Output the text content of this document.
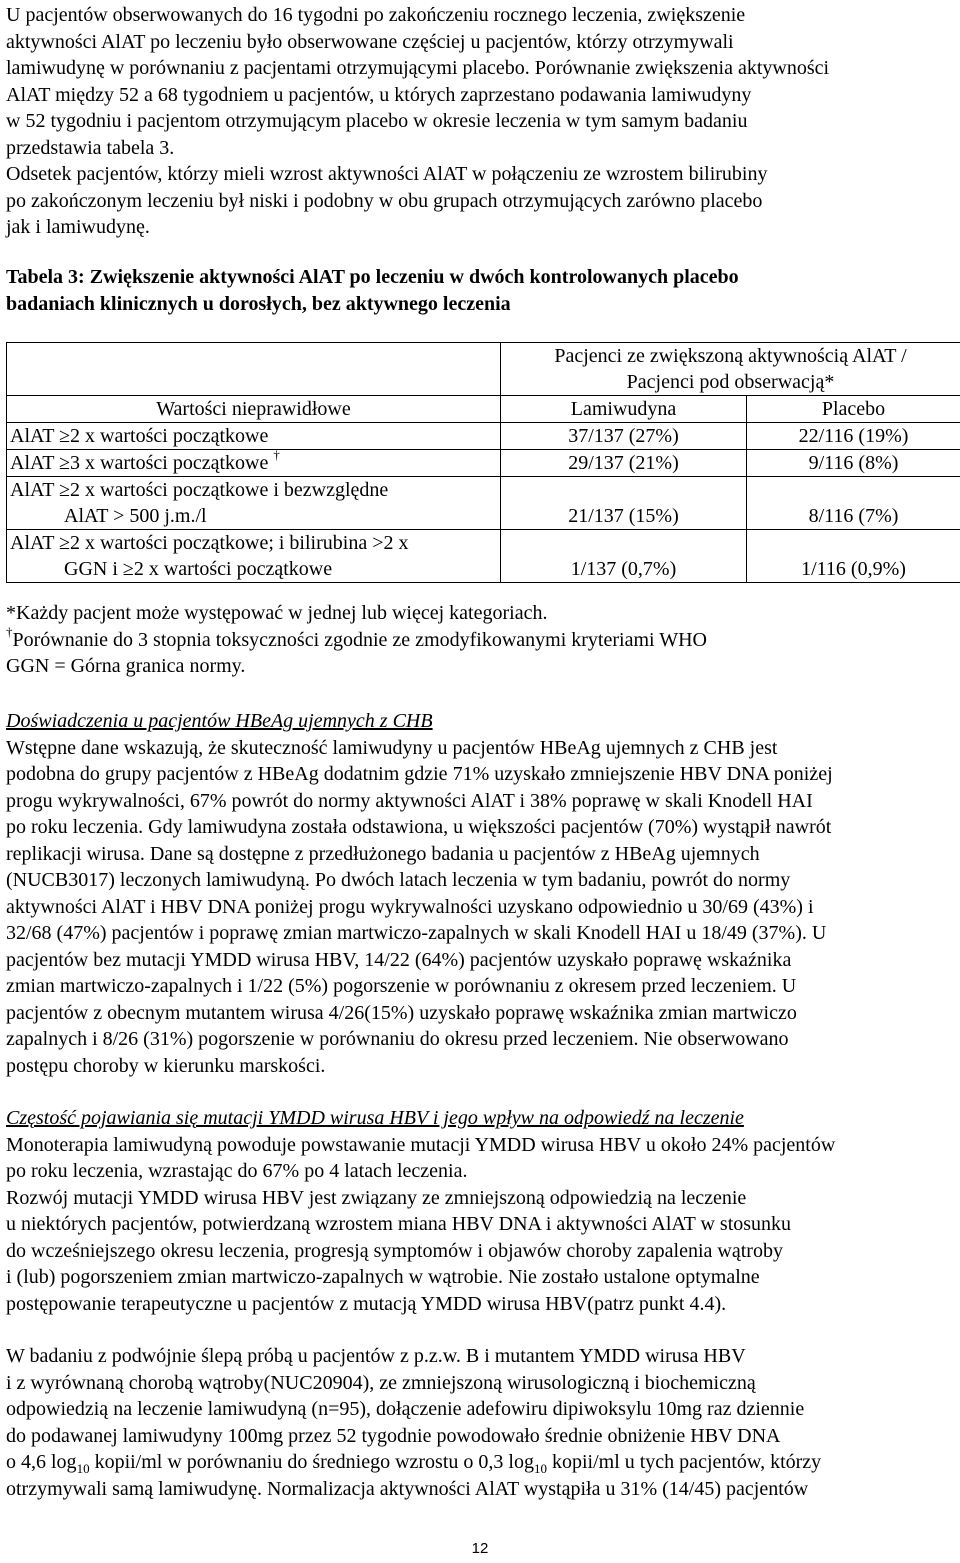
U pacjentów obserwowanych do 16 tygodni po zakończeniu rocznego leczenia, zwiększenie
aktywności AlAT po leczeniu było obserwowane częściej u pacjentów, którzy otrzymywali
lamiwudynę w porównaniu z pacjentami otrzymującymi placebo. Porównanie zwiększenia aktywności
AlAT między 52 a 68 tygodniem u pacjentów, u których zaprzestano podawania lamiwudyny
w 52 tygodniu i pacjentom otrzymującym placebo w okresie leczenia w tym samym badaniu
przedstawia tabela 3.
Odsetek pacjentów, którzy mieli wzrost aktywności AlAT w połączeniu ze wzrostem bilirubiny
po zakończonym leczeniu był niski i podobny w obu grupach otrzymujących zarówno placebo
jak i lamiwudynę.
Tabela 3: Zwiększenie aktywności AlAT po leczeniu w dwóch kontrolowanych placebo
badaniach klinicznych u dorosłych, bez aktywnego leczenia

	Pacjenci ze zwiększoną aktywnością AlAT /
Pacjenci pod obserwacją*	

Wartości nieprawidłowe	Lamiwudyna	Placebo

AlAT ≥2 x wartości początkowe	37/137 (27%)	22/116 (19%)

AlAT ≥3 x wartości początkowe †	29/137 (21%)	9/116 (8%)

AlAT ≥2 x wartości początkowe i bezwzględne
AlAT > 500 j.m./l	21/137 (15%)	8/116 (7%)

AlAT ≥2 x wartości początkowe; i bilirubina >2 x
GGN i ≥2 x wartości początkowe	1/137 (0,7%)	1/116 (0,9%)
*Każdy pacjent może występować w jednej lub więcej kategoriach.
†Porównanie do 3 stopnia toksyczności zgodnie ze zmodyfikowanymi kryteriami WHO
GGN = Górna granica normy.
Doświadczenia u pacjentów HBeAg ujemnych z CHB
Wstępne dane wskazują, że skuteczność lamiwudyny u pacjentów HBeAg ujemnych z CHB jest
podobna do grupy pacjentów z HBeAg dodatnim gdzie 71% uzyskało zmniejszenie HBV DNA poniżej
progu wykrywalności, 67% powrót do normy aktywności AlAT i 38% poprawę w skali Knodell HAI
po roku leczenia. Gdy lamiwudyna została odstawiona, u większości pacjentów (70%) wystąpił nawrót
replikacji wirusa. Dane są dostępne z przedłużonego badania u pacjentów z HBeAg ujemnych
(NUCB3017) leczonych lamiwudyną. Po dwóch latach leczenia w tym badaniu, powrót do normy
aktywności AlAT i HBV DNA poniżej progu wykrywalności uzyskano odpowiednio u 30/69 (43%) i
32/68 (47%) pacjentów i poprawę zmian martwiczo-zapalnych w skali Knodell HAI u 18/49 (37%). U
pacjentów bez mutacji YMDD wirusa HBV, 14/22 (64%) pacjentów uzyskało poprawę wskaźnika
zmian martwiczo-zapalnych i 1/22 (5%) pogorszenie w porównaniu z okresem przed leczeniem. U
pacjentów z obecnym mutantem wirusa 4/26(15%) uzyskało poprawę wskaźnika zmian martwiczo
zapalnych i 8/26 (31%) pogorszenie w porównaniu do okresu przed leczeniem. Nie obserwowano
postępu choroby w kierunku marskości.
Częstość pojawiania się mutacji YMDD wirusa HBV i jego wpływ na odpowiedź na leczenie
Monoterapia lamiwudyną powoduje powstawanie mutacji YMDD wirusa HBV u około 24% pacjentów
po roku leczenia, wzrastając do 67% po 4 latach leczenia.
Rozwój mutacji YMDD wirusa HBV jest związany ze zmniejszoną odpowiedzią na leczenie
u niektórych pacjentów, potwierdzaną wzrostem miana HBV DNA i aktywności AlAT w stosunku
do wcześniejszego okresu leczenia, progresją symptomów i objawów choroby zapalenia wątroby
i (lub) pogorszeniem zmian martwiczo-zapalnych w wątrobie. Nie zostało ustalone optymalne
postępowanie terapeutyczne u pacjentów z mutacją YMDD wirusa HBV(patrz punkt 4.4).
W badaniu z podwójnie ślepą próbą u pacjentów z p.z.w. B i mutantem YMDD wirusa HBV
i z wyrównaną chorobą wątroby(NUC20904), ze zmniejszoną wirusologiczną i biochemiczną
odpowiedzią na leczenie lamiwudyną (n=95), dołączenie adefowiru dipiwoksylu 10mg raz dziennie
do podawanej lamiwudyny 100mg przez 52 tygodnie powodowało średnie obniżenie HBV DNA
o 4,6 $\log_{10}$ kopii/ml w porównaniu do średniego wzrostu o 0,3 $\log_{10}$ kopii/ml u tych pacjentów, którzy
otrzymywali samą lamiwudynę. Normalizacja aktywności AlAT wystąpiła u 31% (14/45) pacjentów
12
